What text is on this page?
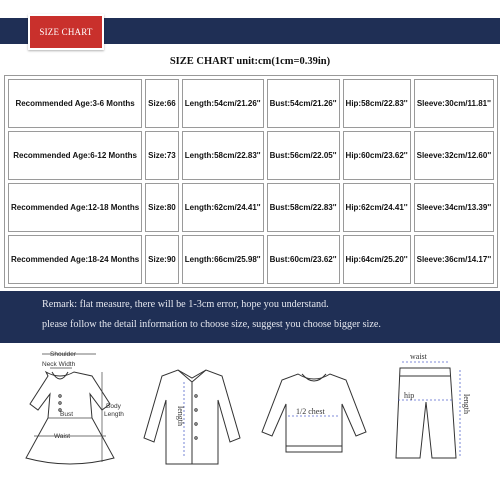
SIZE CHART
SIZE CHART unit:cm(1cm=0.39in)
Recommended Age:3-6 Months	Size:66	Length:54cm/21.26''	Bust:54cm/21.26''	Hip:58cm/22.83''	Sleeve:30cm/11.81''
Recommended Age:6-12 Months	Size:73	Length:58cm/22.83''	Bust:56cm/22.05''	Hip:60cm/23.62''	Sleeve:32cm/12.60''
Recommended Age:12-18 Months	Size:80	Length:62cm/24.41''	Bust:58cm/22.83''	Hip:62cm/24.41''	Sleeve:34cm/13.39''
Recommended Age:18-24 Months	Size:90	Length:66cm/25.98''	Bust:60cm/23.62''	Hip:64cm/25.20''	Sleeve:36cm/14.17''

Remark: flat measure, there will be 1-3cm error, hope you understand.

please follow the detail information to choose size, suggest you choose bigger size.

Shoulder
Neck Width
Bust
Waist
Body
Length	length	1/2 chest
waist
hip	length
